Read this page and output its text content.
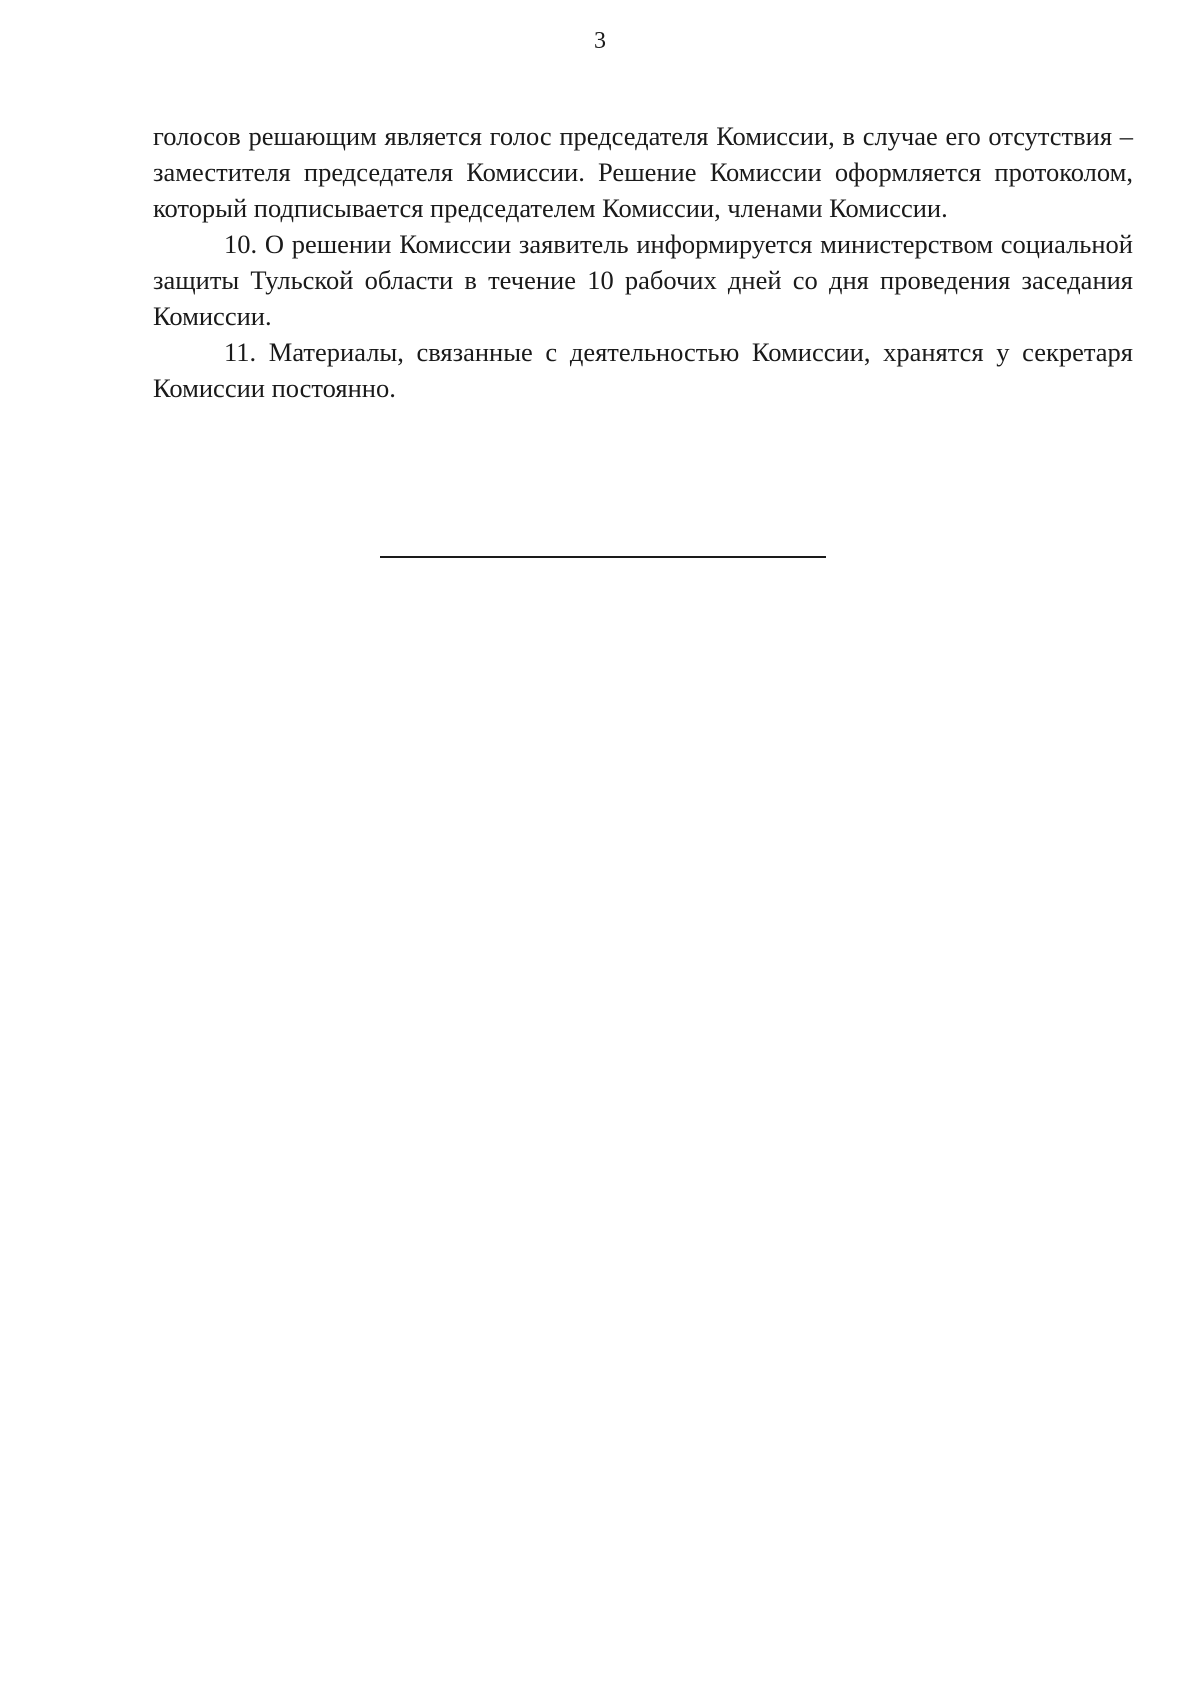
3

голосов решающим является голос председателя Комиссии, в случае его отсутствия – заместителя председателя Комиссии. Решение Комиссии оформляется протоколом, который подписывается председателем Комиссии, членами Комиссии.

10. О решении Комиссии заявитель информируется министерством социальной защиты Тульской области в течение 10 рабочих дней со дня проведения заседания Комиссии.

11. Материалы, связанные с деятельностью Комиссии, хранятся у секретаря Комиссии постоянно.
